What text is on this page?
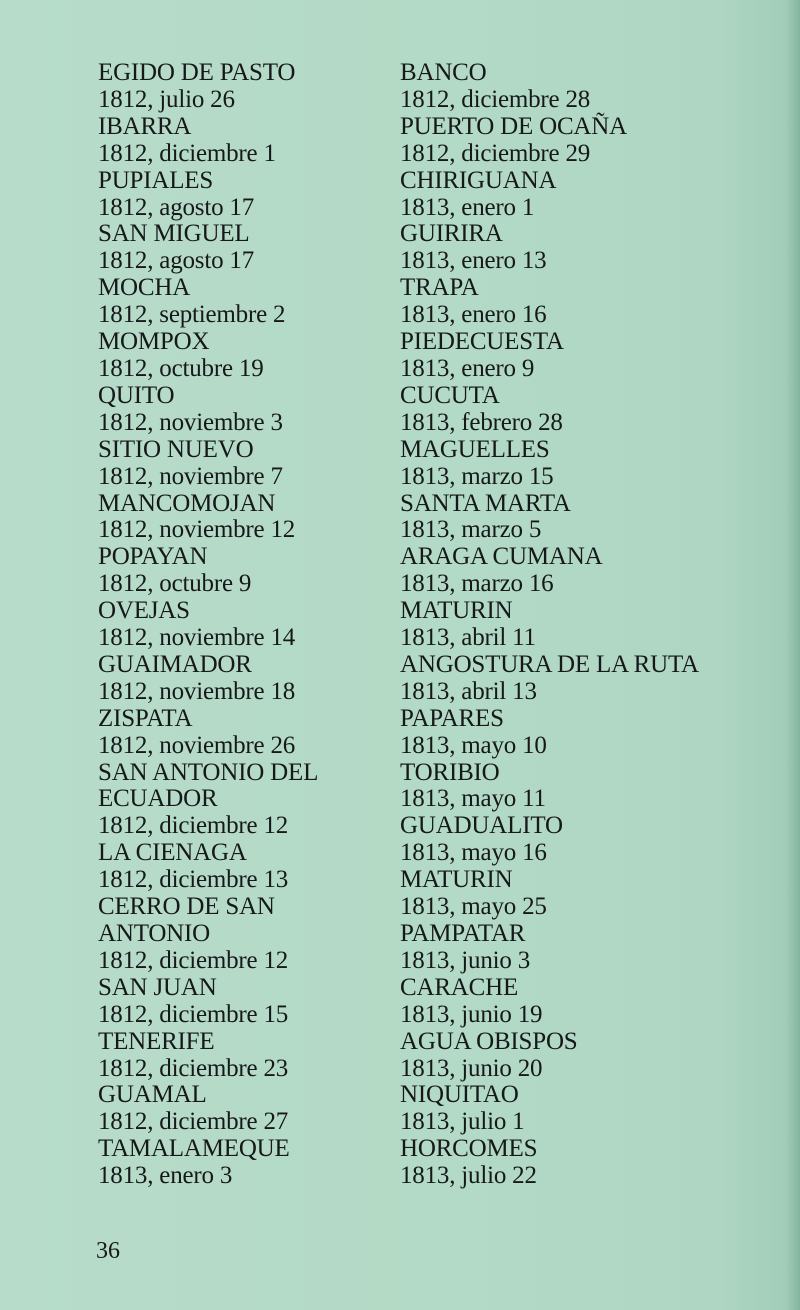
EGIDO DE PASTO
1812, julio 26
IBARRA
1812, diciembre 1
PUPIALES
1812, agosto 17
SAN MIGUEL
1812, agosto 17
MOCHA
1812, septiembre 2
MOMPOX
1812, octubre 19
QUITO
1812, noviembre 3
SITIO NUEVO
1812, noviembre 7
MANCOMOJAN
1812, noviembre 12
POPAYAN
1812, octubre 9
OVEJAS
1812, noviembre 14
GUAIMADOR
1812, noviembre 18
ZISPATA
1812, noviembre 26
SAN ANTONIO DEL
ECUADOR
1812, diciembre 12
LA CIENAGA
1812, diciembre 13
CERRO DE SAN
ANTONIO
1812, diciembre 12
SAN JUAN
1812, diciembre 15
TENERIFE
1812, diciembre 23
GUAMAL
1812, diciembre 27
TAMALAMEQUE
1813, enero 3
BANCO
1812, diciembre 28
PUERTO DE OCAÑA
1812, diciembre 29
CHIRIGUANA
1813, enero 1
GUIRIRA
1813, enero 13
TRAPA
1813, enero 16
PIEDECUESTA
1813, enero 9
CUCUTA
1813, febrero 28
MAGUELLES
1813, marzo 15
SANTA MARTA
1813, marzo 5
ARAGA CUMANA
1813, marzo 16
MATURIN
1813, abril 11
ANGOSTURA DE LA RUTA
1813, abril 13
PAPARES
1813, mayo 10
TORIBIO
1813, mayo 11
GUADUALITO
1813, mayo 16
MATURIN
1813, mayo 25
PAMPATAR
1813, junio 3
CARACHE
1813, junio 19
AGUA OBISPOS
1813, junio 20
NIQUITAO
1813, julio 1
HORCOMES
1813, julio 22
36
